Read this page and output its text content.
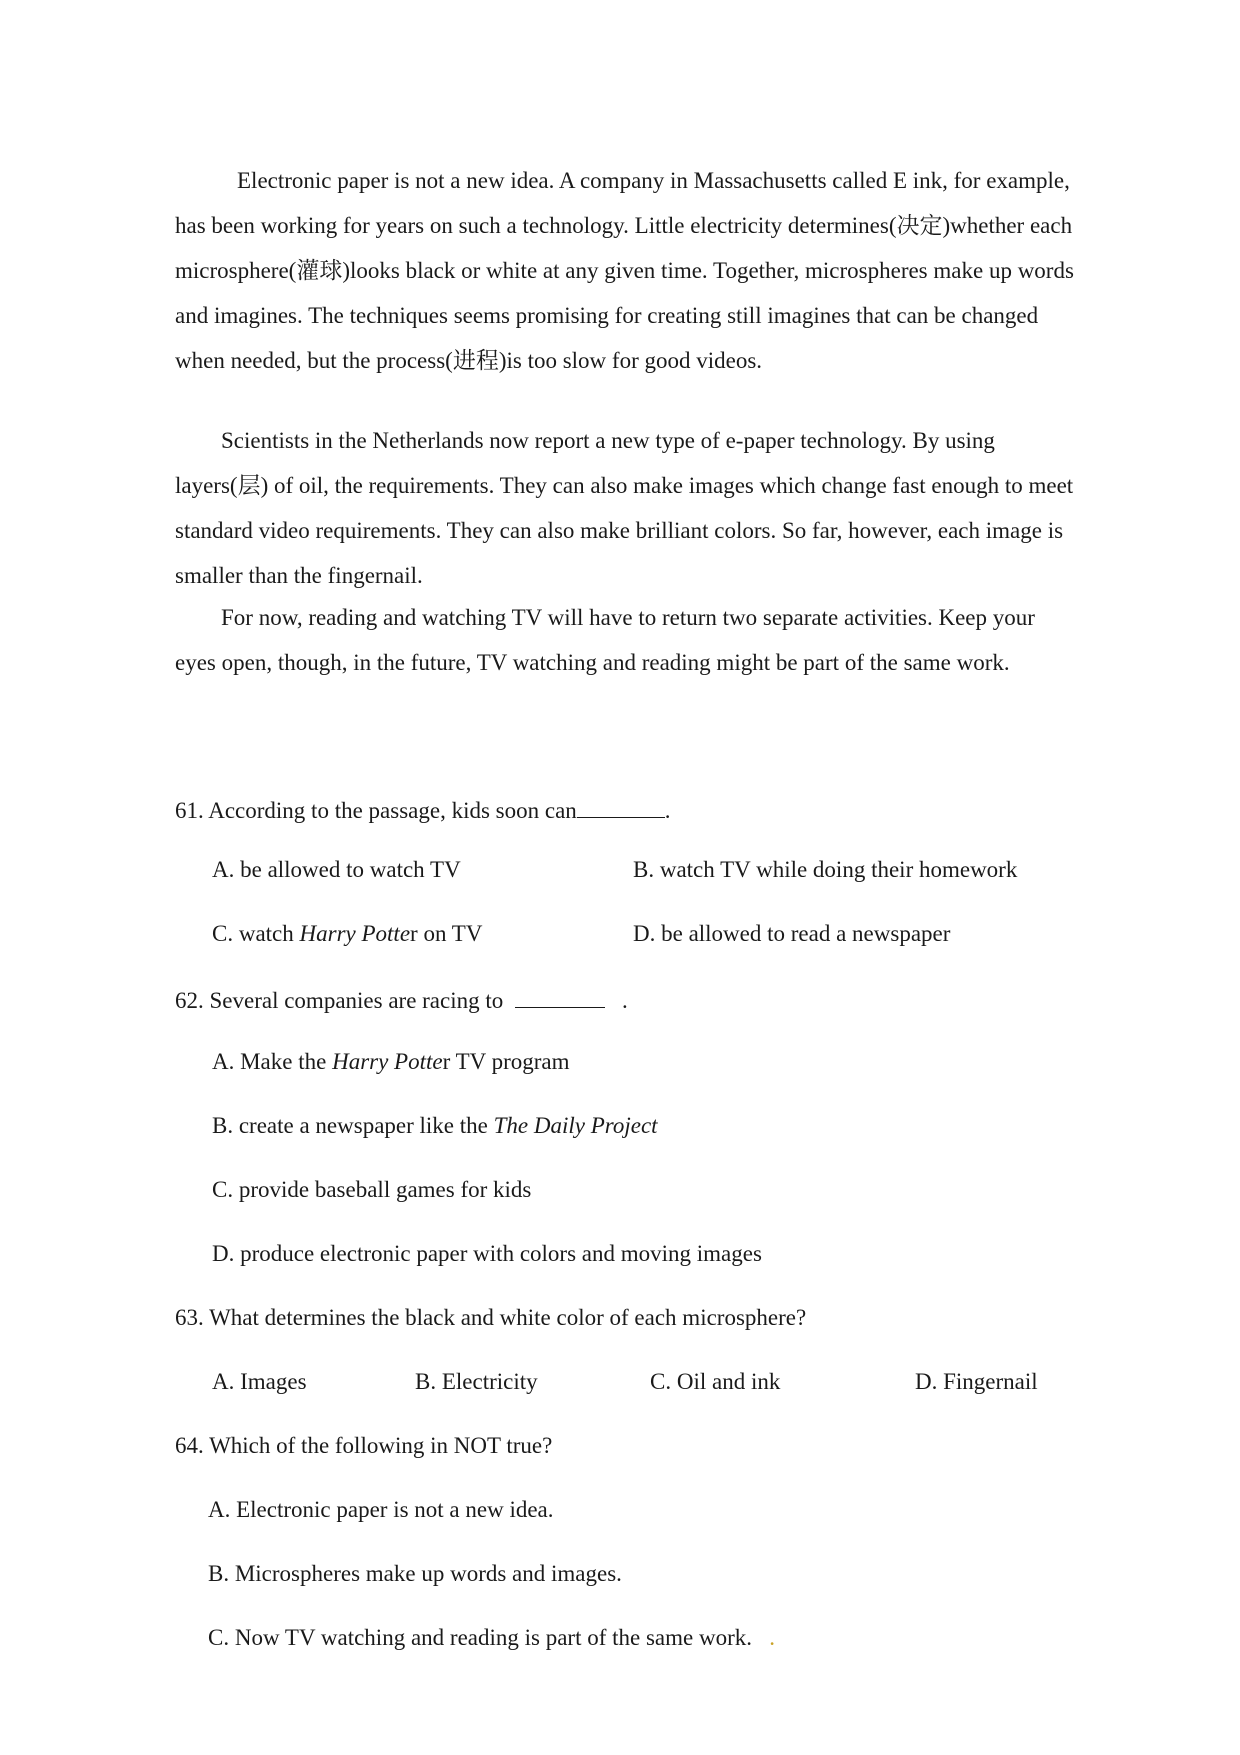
Electronic paper is not a new idea. A company in Massachusetts called E ink, for example, has been working for years on such a technology. Little electricity determines(决定)whether each microsphere(灌球)looks black or white at any given time. Together, microspheres make up words and imagines. The techniques seems promising for creating still imagines that can be changed when needed, but the process(进程)is too slow for good videos.

Scientists in the Netherlands now report a new type of e-paper technology. By using layers(层) of oil, the requirements. They can also make images which change fast enough to meet standard video requirements. They can also make brilliant colors. So far, however, each image is smaller than the fingernail.

For now, reading and watching TV will have to return two separate activities. Keep your eyes open, though, in the future, TV watching and reading might be part of the same work.

61. According to the passage, kids soon can	.

A. be allowed to watch TV	B. watch TV while doing their homework

C. watch Harry Potter on TV	D. be allowed to read a newspaper

62. Several companies are racing to	.

A. Make the Harry Potter TV program

B. create a newspaper like the The Daily Project

C. provide baseball games for kids

D. produce electronic paper with colors and moving images

63. What determines the black and white color of each microsphere?

A. Images	B. Electricity	C. Oil and ink	D. Fingernail

64. Which of the following in NOT true?

A. Electronic paper is not a new idea.

B. Microspheres make up words and images.

C. Now TV watching and reading is part of the same work. .
